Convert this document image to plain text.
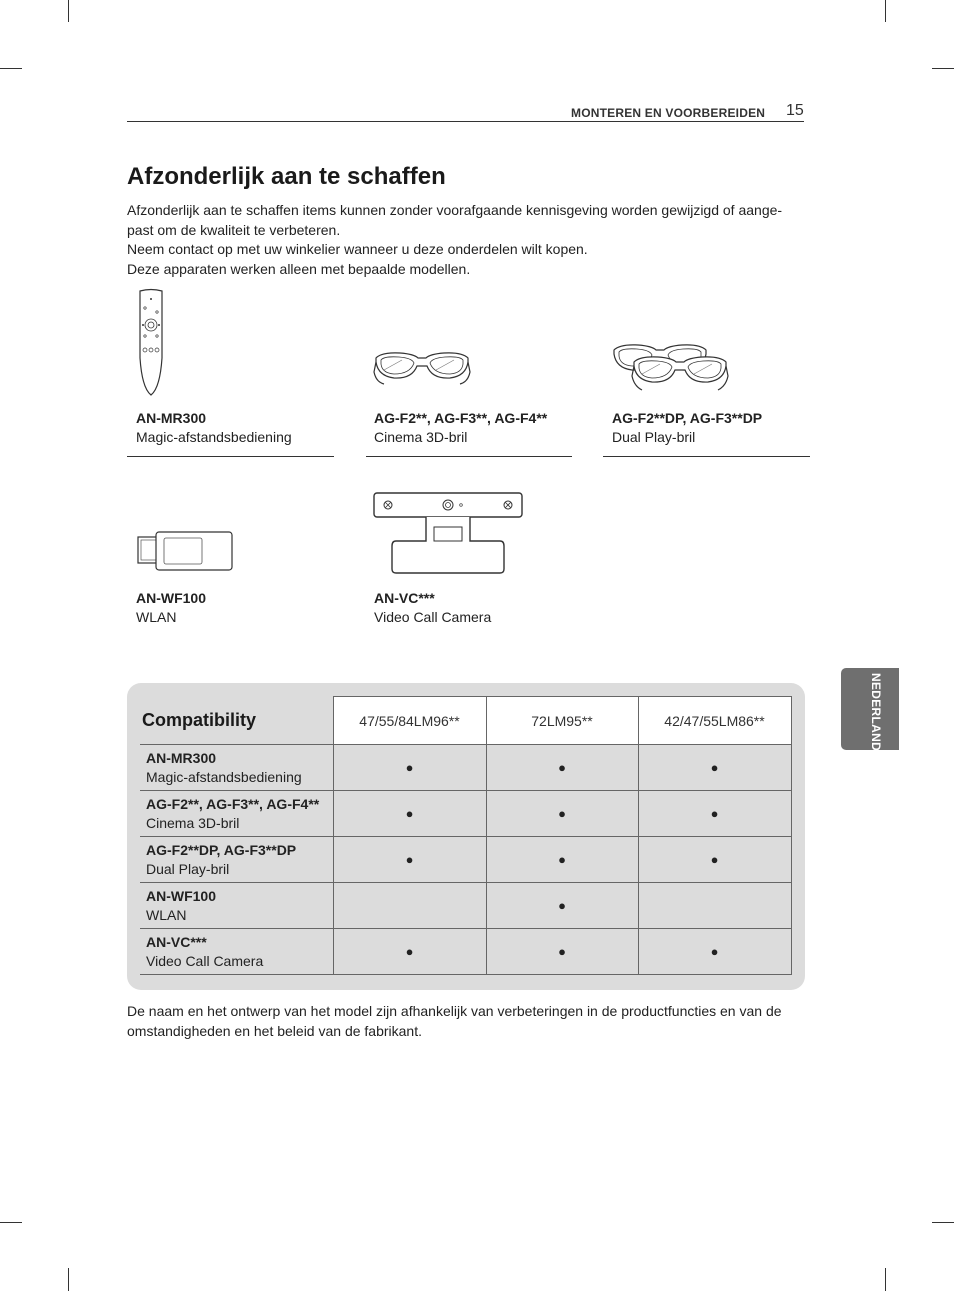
MONTEREN EN VOORBEREIDEN 15
Afzonderlijk aan te schaffen
Afzonderlijk aan te schaffen items kunnen zonder voorafgaande kennisgeving worden gewijzigd of aange-
past om de kwaliteit te verbeteren.
Neem contact op met uw winkelier wanneer u deze onderdelen wilt kopen.
Deze apparaten werken alleen met bepaalde modellen.
AN-MR300
Magic-afstandsbediening
AG-F2**, AG-F3**, AG-F4**
Cinema 3D-bril
AG-F2**DP, AG-F3**DP
Dual Play-bril
AN-WF100
WLAN
AN-VC***
Video Call Camera
NEDERLANDS
Compatibility	47/55/84LM96**	72LM95**	42/47/55LM86**

AN-MR300
Magic-afstandsbediening	●	●	●

AG-F2**, AG-F3**, AG-F4**
Cinema 3D-bril	●	●	●

AG-F2**DP, AG-F3**DP
Dual Play-bril	●	●	●

AN-WF100
WLAN		●	

AN-VC***
Video Call Camera	●	●	●
De naam en het ontwerp van het model zijn afhankelijk van verbeteringen in de productfuncties en van de omstandigheden en het beleid van de fabrikant.
